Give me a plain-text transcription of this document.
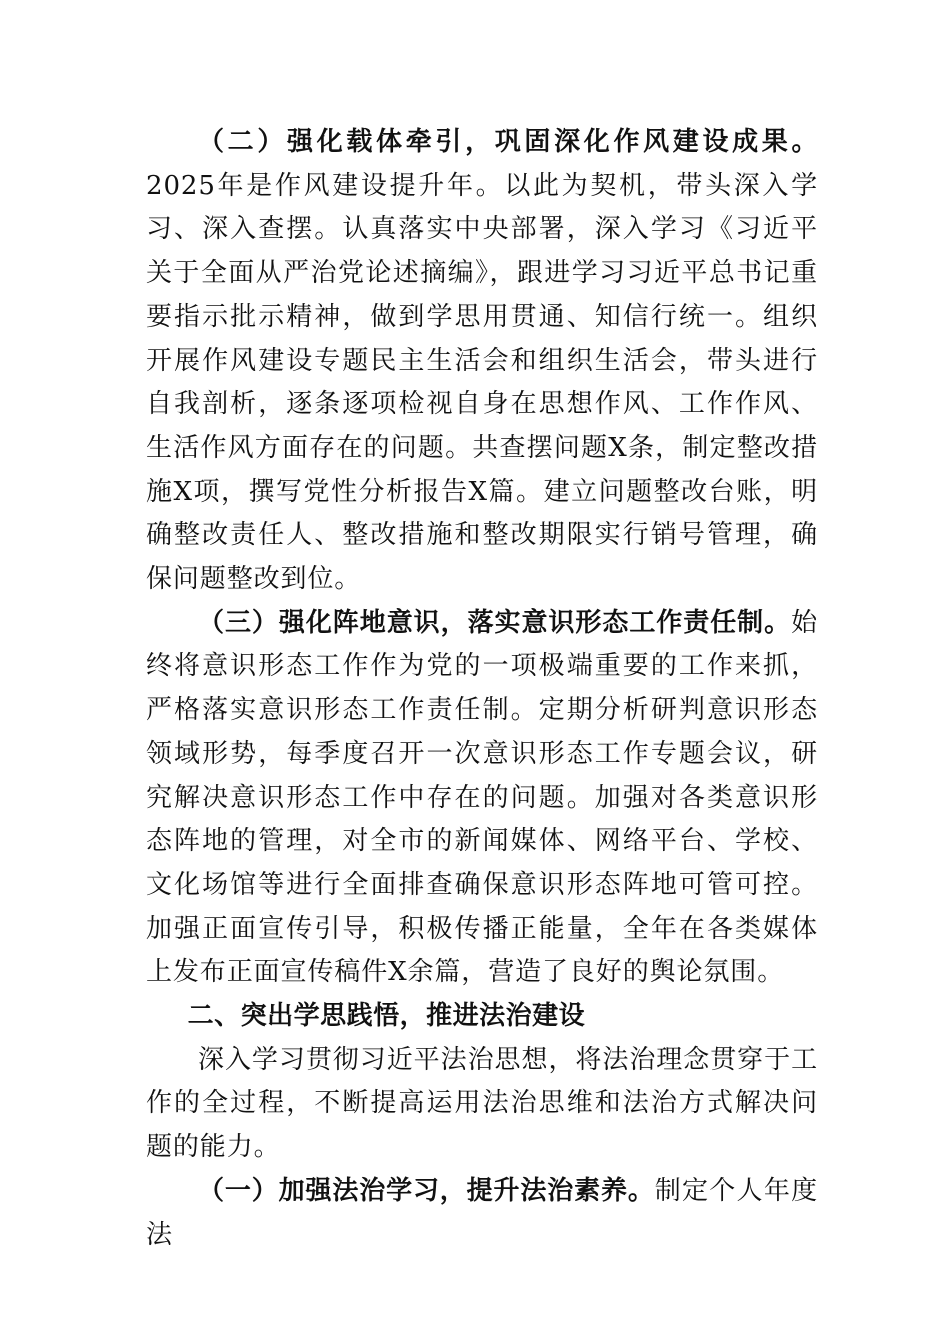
（二）强化载体牵引，巩固深化作风建设成果。2025年是作风建设提升年。以此为契机，带头深入学习、深入查摆。认真落实中央部署，深入学习《习近平关于全面从严治党论述摘编》，跟进学习习近平总书记重要指示批示精神，做到学思用贯通、知信行统一。组织开展作风建设专题民主生活会和组织生活会，带头进行自我剖析，逐条逐项检视自身在思想作风、工作作风、生活作风方面存在的问题。共查摆问题X条，制定整改措施X项，撰写党性分析报告X篇。建立问题整改台账，明确整改责任人、整改措施和整改期限实行销号管理，确保问题整改到位。

（三）强化阵地意识，落实意识形态工作责任制。始终将意识形态工作作为党的一项极端重要的工作来抓，严格落实意识形态工作责任制。定期分析研判意识形态领域形势，每季度召开一次意识形态工作专题会议，研究解决意识形态工作中存在的问题。加强对各类意识形态阵地的管理，对全市的新闻媒体、网络平台、学校、文化场馆等进行全面排查确保意识形态阵地可管可控。加强正面宣传引导，积极传播正能量，全年在各类媒体上发布正面宣传稿件X余篇，营造了良好的舆论氛围。

二、突出学思践悟，推进法治建设

深入学习贯彻习近平法治思想，将法治理念贯穿于工作的全过程，不断提高运用法治思维和法治方式解决问题的能力。

（一）加强法治学习，提升法治素养。制定个人年度法
